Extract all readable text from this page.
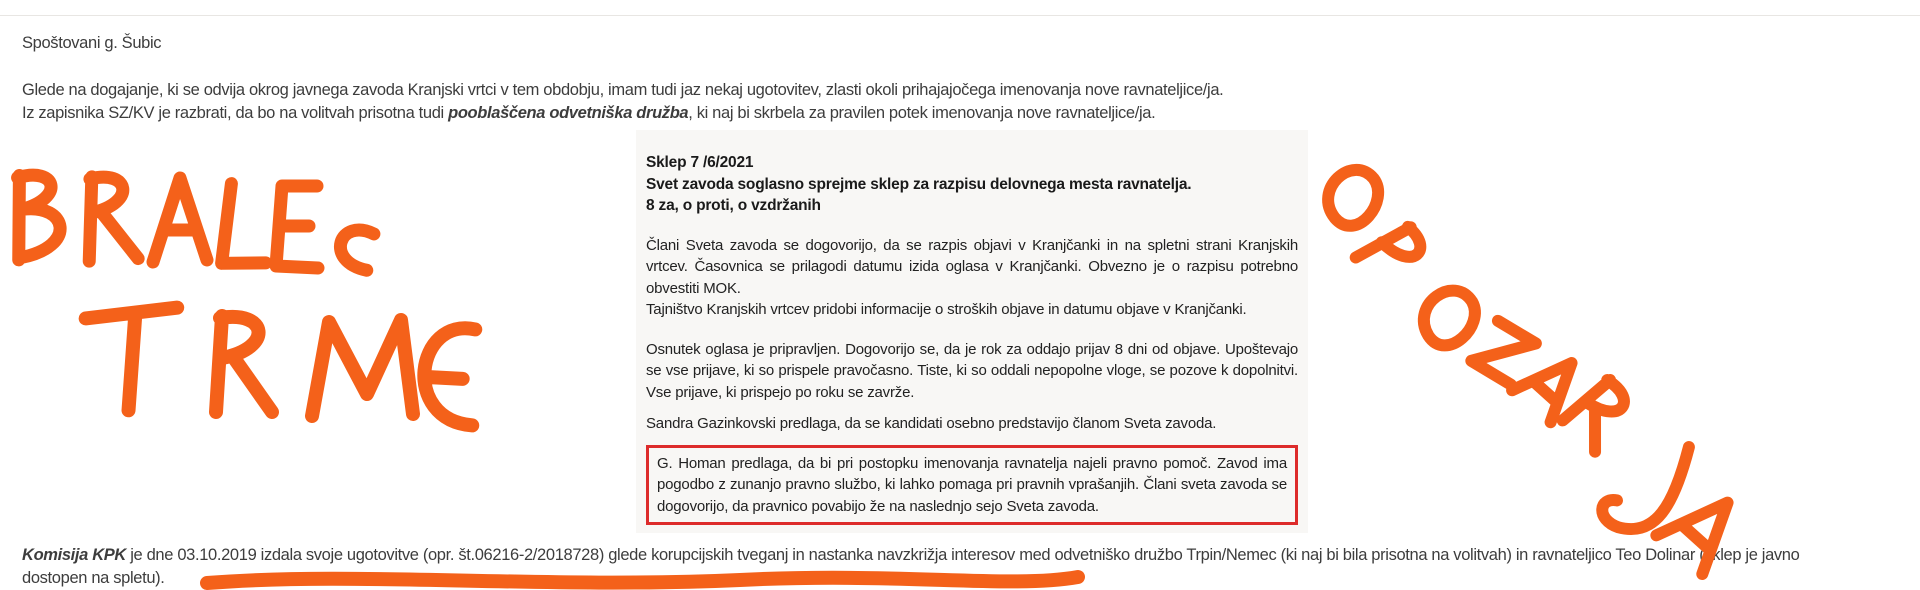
Spoštovani g. Šubic
Glede na dogajanje, ki se odvija okrog javnega zavoda Kranjski vrtci v tem obdobju, imam tudi jaz nekaj ugotovitev, zlasti okoli prihajajočega imenovanja nove ravnateljice/ja.
Iz zapisnika SZ/KV je razbrati, da bo na volitvah prisotna tudi pooblaščena odvetniška družba, ki naj bi skrbela za pravilen potek imenovanja nove ravnateljice/ja.
Sklep 7 /6/2021
Svet zavoda soglasno sprejme sklep za razpisu delovnega mesta ravnatelja.
8 za, o proti, o vzdržanih

Člani Sveta zavoda se dogovorijo, da se razpis objavi v Kranjčanki in na spletni strani Kranjskih vrtcev. Časovnica se prilagodi datumu izida oglasa v Kranjčanki. Obvezno je o razpisu potrebno obvestiti MOK.

Tajništvo Kranjskih vrtcev pridobi informacije o stroških objave in datumu objave v Kranjčanki.

Osnutek oglasa je pripravljen. Dogovorijo se, da je rok za oddajo prijav 8 dni od objave. Upoštevajo se vse prijave, ki so prispele pravočasno. Tiste, ki so oddali nepopolne vloge, se pozove k dopolnitvi. Vse prijave, ki prispejo po roku se zavrže.

Sandra Gazinkovski predlaga, da se kandidati osebno predstavijo članom Sveta zavoda.

G. Homan predlaga, da bi pri postopku imenovanja ravnatelja najeli pravno pomoč. Zavod ima pogodbo z zunanjo pravno službo, ki lahko pomaga pri pravnih vprašanjih. Člani sveta zavoda se dogovorijo, da pravnico povabijo že na naslednjo sejo Sveta zavoda.

Komisija KPK je dne 03.10.2019 izdala svoje ugotovitve (opr. št.06216-2/2018728) glede korupcijskih tveganj in nastanka navzkrižja interesov med odvetniško družbo Trpin/Nemec (ki naj bi bila prisotna na volitvah) in ravnateljico Teo Dolinar (sklep je javno
dostopen na spletu).
